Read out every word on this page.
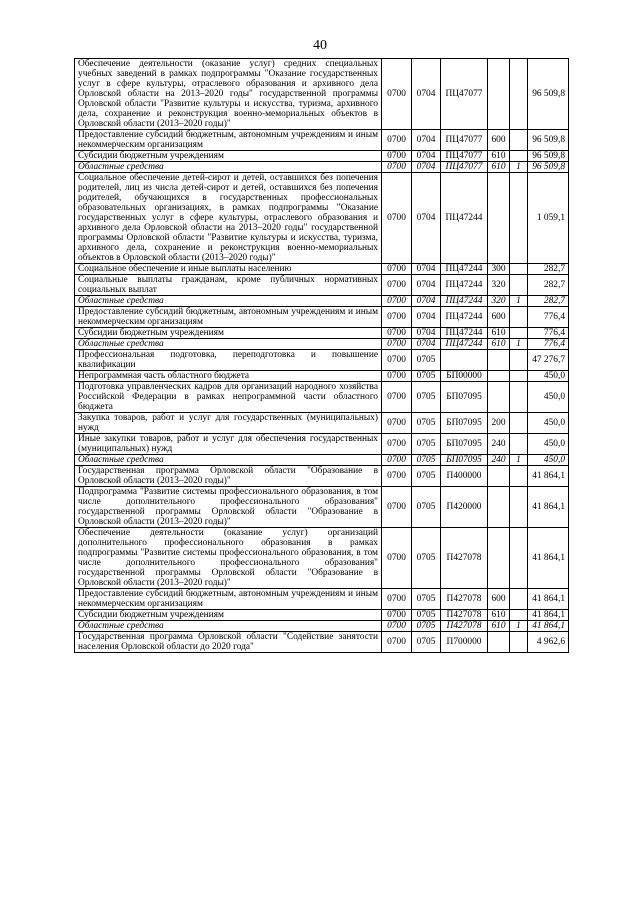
40
Обеспечение деятельности (оказание услуг) средних специальных учебных заведений в рамках подпрограммы "Оказание государственных услуг в сфере культуры, отраслевого образования и архивного дела Орловской области на 2013–2020 годы" государственной программы Орловской области "Развитие культуры и искусства, туризма, архивного дела, сохранение и реконструкция военно-мемориальных объектов в Орловской области (2013–2020 годы)"	0700	0704	ПЦ47077			96 509,8
Предоставление субсидий бюджетным, автономным учреждениям и иным некоммерческим организациям	0700	0704	ПЦ47077	600		96 509,8
Субсидии бюджетным учреждениям	0700	0704	ПЦ47077	610		96 509,8
Областные средства	0700	0704	ПЦ47077	610	1	96 509,8
Социальное обеспечение детей-сирот и детей, оставшихся без попечения родителей, лиц из числа детей-сирот и детей, оставшихся без попечения родителей, обучающихся в государственных профессиональных образовательных организациях, в рамках подпрограммы "Оказание государственных услуг в сфере культуры, отраслевого образования и архивного дела Орловской области на 2013–2020 годы" государственной программы Орловской области "Развитие культуры и искусства, туризма, архивного дела, сохранение и реконструкция военно-мемориальных объектов в Орловской области (2013–2020 годы)"	0700	0704	ПЦ47244			1 059,1
Социальное обеспечение и иные выплаты населению	0700	0704	ПЦ47244	300		282,7
Социальные выплаты гражданам, кроме публичных нормативных социальных выплат	0700	0704	ПЦ47244	320		282,7
Областные средства	0700	0704	ПЦ47244	320	1	282,7
Предоставление субсидий бюджетным, автономным учреждениям и иным некоммерческим организациям	0700	0704	ПЦ47244	600		776,4
Субсидии бюджетным учреждениям	0700	0704	ПЦ47244	610		776,4
Областные средства	0700	0704	ПЦ47244	610	1	776,4
Профессиональная подготовка, переподготовка и повышение квалификации	0700	0705				47 276,7
Непрограммная часть областного бюджета	0700	0705	БП00000			450,0
Подготовка управленческих кадров для организаций народного хозяйства Российской Федерации в рамках непрограммной части областного бюджета	0700	0705	БП07095			450,0
Закупка товаров, работ и услуг для государственных (муниципальных) нужд	0700	0705	БП07095	200		450,0
Иные закупки товаров, работ и услуг для обеспечения государственных (муниципальных) нужд	0700	0705	БП07095	240		450,0
Областные средства	0700	0705	БП07095	240	1	450,0
Государственная программа Орловской области "Образование в Орловской области (2013–2020 годы)"	0700	0705	П400000			41 864,1
Подпрограмма "Развитие системы профессионального образования, в том числе дополнительного профессионального образования" государственной программы Орловской области "Образование в Орловской области (2013–2020 годы)"	0700	0705	П420000			41 864,1
Обеспечение деятельности (оказание услуг) организаций дополнительного профессионального образования в рамках подпрограммы "Развитие системы профессионального образования, в том числе дополнительного профессионального образования" государственной программы Орловской области "Образование в Орловской области (2013–2020 годы)"	0700	0705	П427078			41 864,1
Предоставление субсидий бюджетным, автономным учреждениям и иным некоммерческим организациям	0700	0705	П427078	600		41 864,1
Субсидии бюджетным учреждениям	0700	0705	П427078	610		41 864,1
Областные средства	0700	0705	П427078	610	1	41 864,1
Государственная программа Орловской области "Содействие занятости населения Орловской области до 2020 года"	0700	0705	П700000			4 962,6
